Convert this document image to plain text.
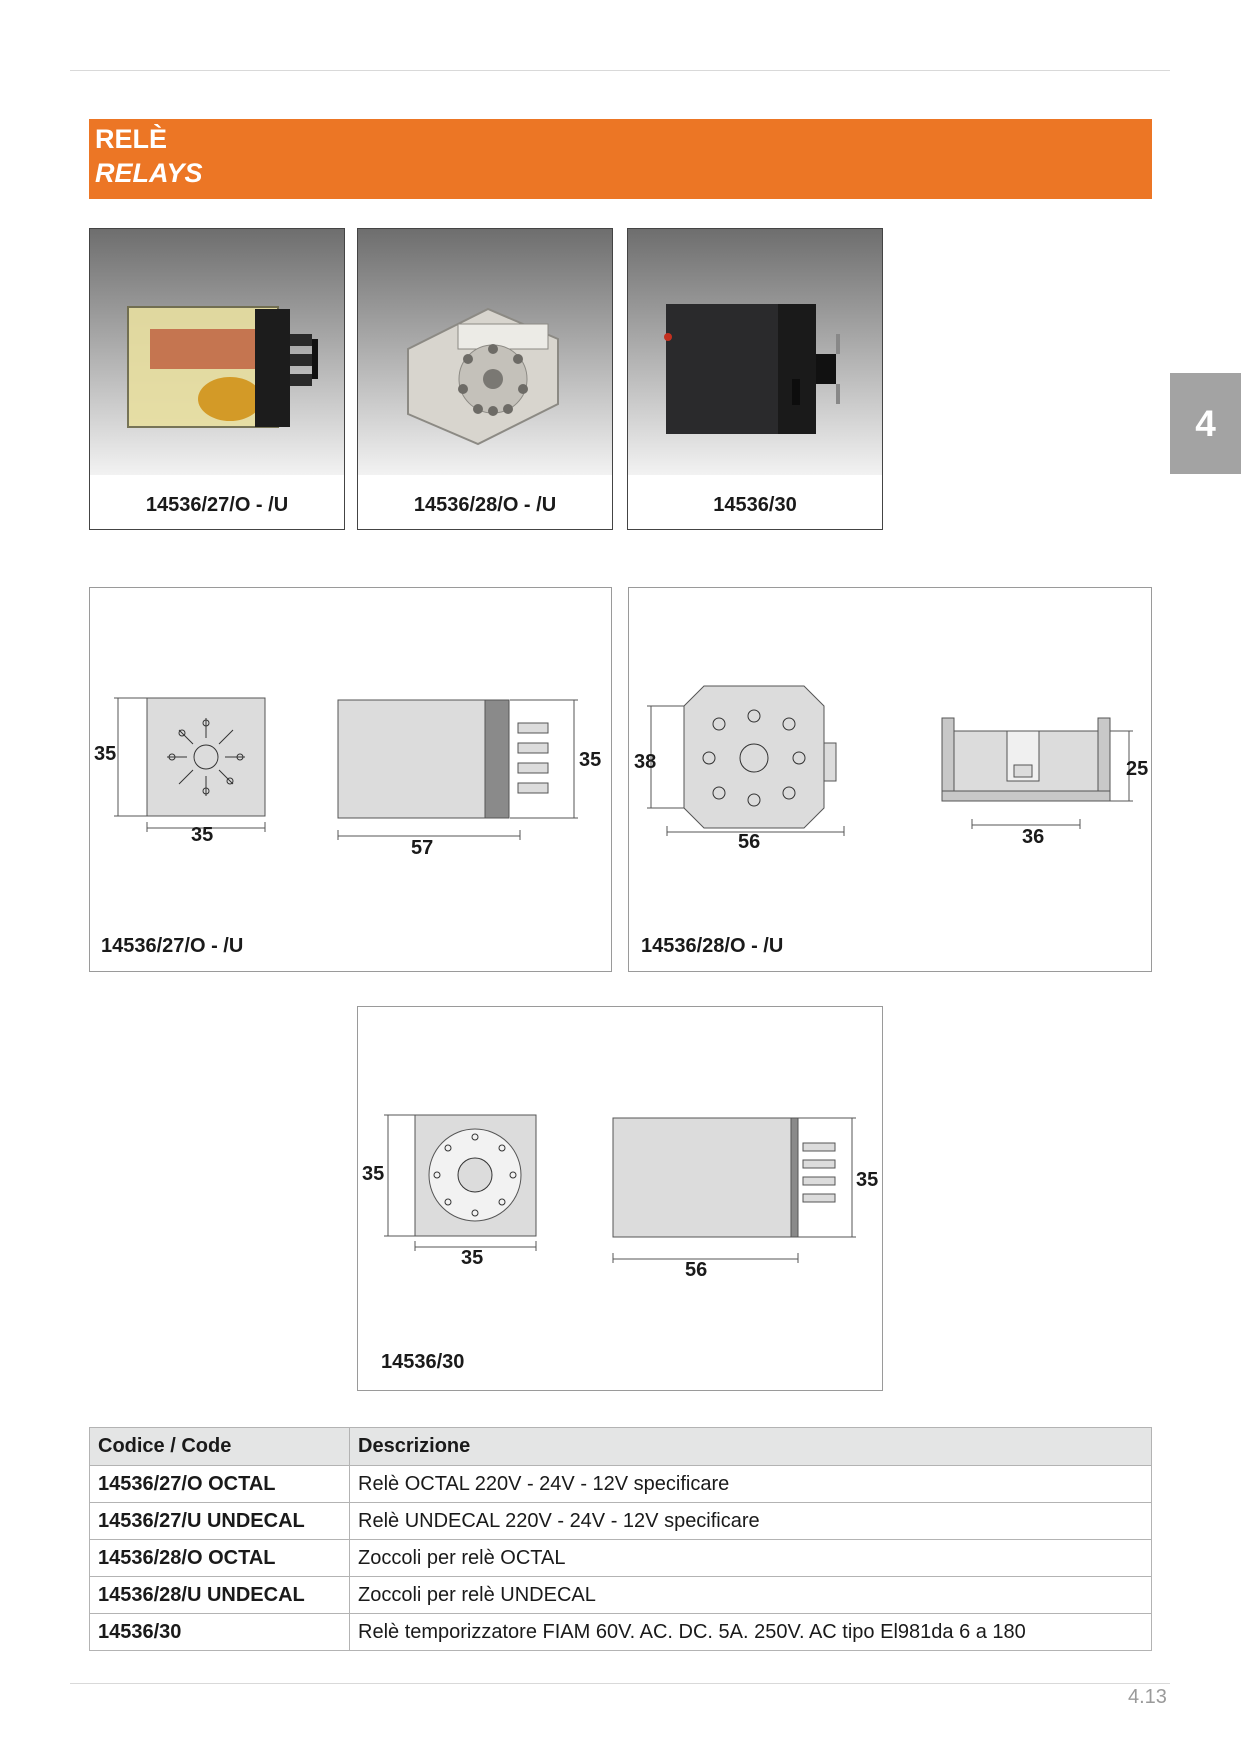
RELÈ
RELAYS
4
14536/27/O - /U	14536/28/O - /U	14536/30
35
35
35
57
14536/27/O - /U
38
56
25
36
14536/28/O - /U
35
35
35
56
14536/30
Codice / Code	Descrizione
14536/27/O OCTAL	Relè OCTAL 220V - 24V - 12V specificare
14536/27/U UNDECAL	Relè UNDECAL 220V - 24V - 12V specificare
14536/28/O OCTAL	Zoccoli per relè OCTAL
14536/28/U UNDECAL	Zoccoli per relè UNDECAL
14536/30	Relè temporizzatore FIAM 60V. AC. DC. 5A. 250V. AC tipo El981da 6 a 180
4.13
